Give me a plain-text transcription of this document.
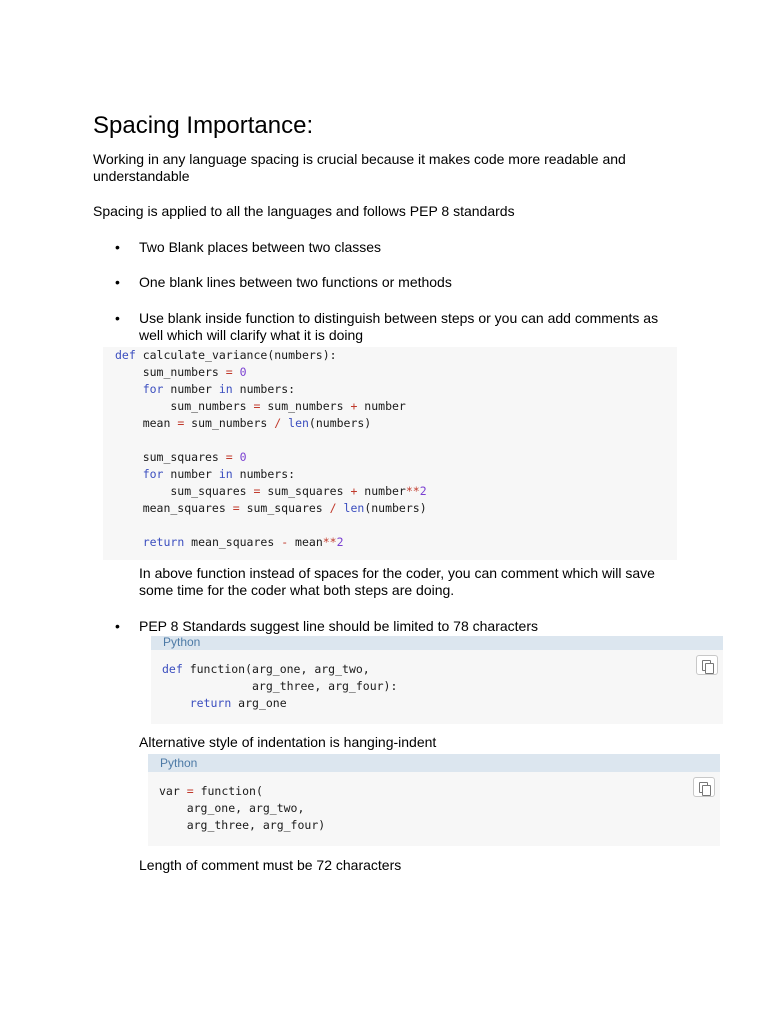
Spacing Importance:
Working in any language spacing is crucial because it makes code more readable and
understandable
Spacing is applied to all the languages and follows PEP 8 standards
• Two Blank places between two classes
• One blank lines between two functions or methods
• Use blank inside function to distinguish between steps or you can add comments as
well which will clarify what it is doing
def calculate_variance(numbers):
sum_numbers = 0
for number in numbers:
sum_numbers = sum_numbers + number
mean = sum_numbers / len(numbers)
sum_squares = 0
for number in numbers:
sum_squares = sum_squares + number**2
mean_squares = sum_squares / len(numbers)
return mean_squares - mean**2
In above function instead of spaces for the coder, you can comment which will save
some time for the coder what both steps are doing.
• PEP 8 Standards suggest line should be limited to 78 characters
Python
def function(arg_one, arg_two,
arg_three, arg_four):
return arg_one
Alternative style of indentation is hanging-indent
Python
var = function(
arg_one, arg_two,
arg_three, arg_four)
Length of comment must be 72 characters
